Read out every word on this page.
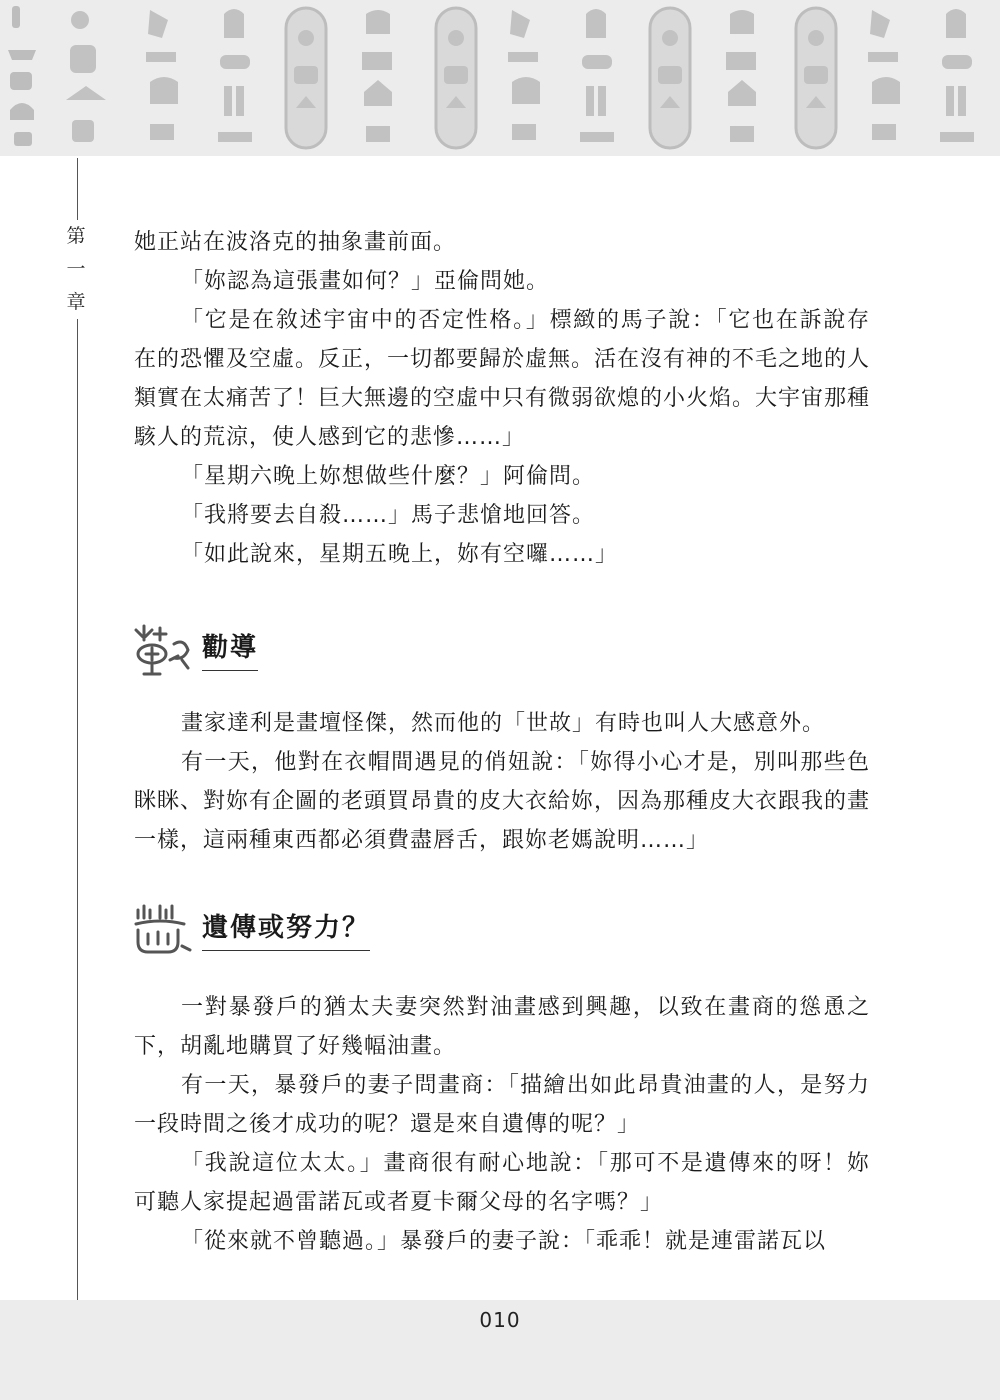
第
一
章

她正站在波洛克的抽象畫前面。

「妳認為這張畫如何？」亞倫問她。

「它是在敘述宇宙中的否定性格。」標緻的馬子說：「它也在訴說存在的恐懼及空虛。反正，一切都要歸於虛無。活在沒有神的不毛之地的人類實在太痛苦了！巨大無邊的空虛中只有微弱欲熄的小火焰。大宇宙那種駭人的荒涼，使人感到它的悲慘……」

「星期六晚上妳想做些什麼？」阿倫問。

「我將要去自殺……」馬子悲愴地回答。

「如此說來，星期五晚上，妳有空囉……」

勸導

畫家達利是畫壇怪傑，然而他的「世故」有時也叫人大感意外。

有一天，他對在衣帽間遇見的俏妞說：「妳得小心才是，別叫那些色眯眯、對妳有企圖的老頭買昂貴的皮大衣給妳，因為那種皮大衣跟我的畫一樣，這兩種東西都必須費盡唇舌，跟妳老媽說明……」

遺傳或努力？

一對暴發戶的猶太夫妻突然對油畫感到興趣，以致在畫商的慫恿之下，胡亂地購買了好幾幅油畫。

有一天，暴發戶的妻子問畫商：「描繪出如此昂貴油畫的人，是努力一段時間之後才成功的呢？還是來自遺傳的呢？」

「我說這位太太。」畫商很有耐心地說：「那可不是遺傳來的呀！妳可聽人家提起過雷諾瓦或者夏卡爾父母的名字嗎？」

「從來就不曾聽過。」暴發戶的妻子說：「乖乖！就是連雷諾瓦以

010
